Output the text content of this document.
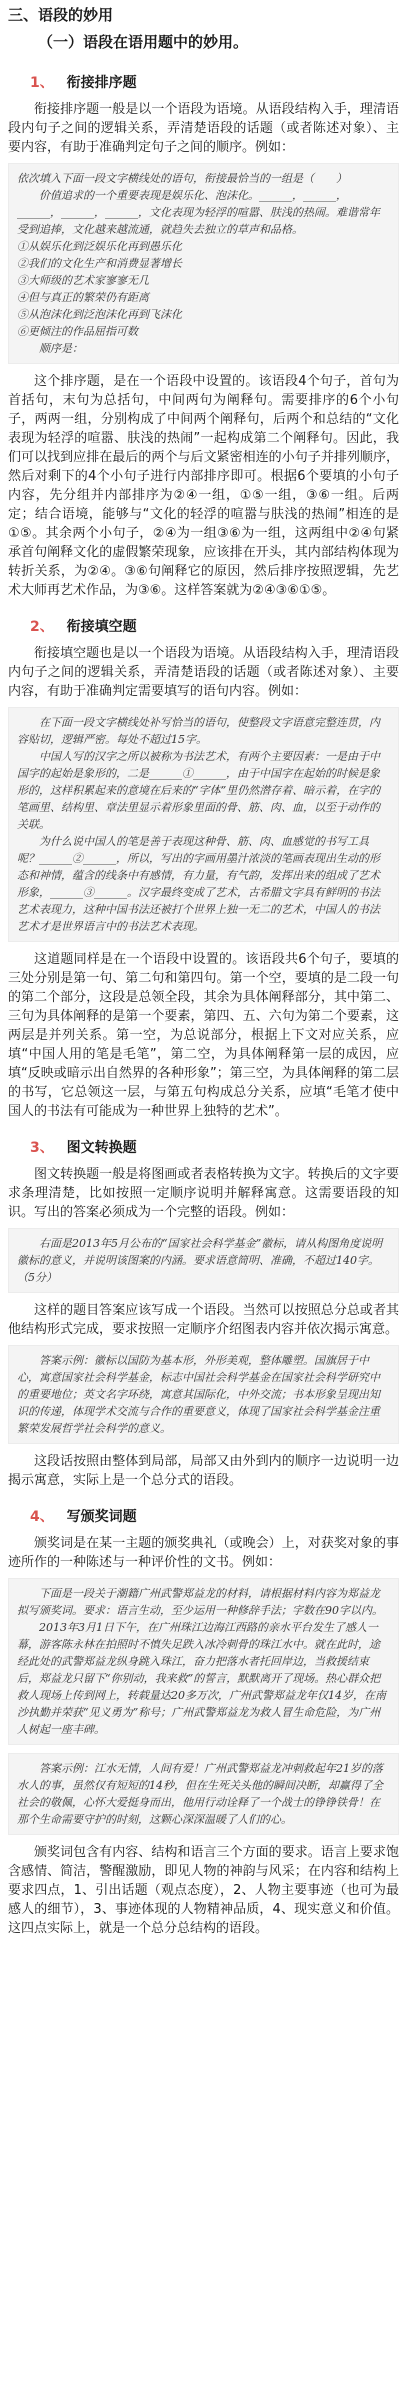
三、语段的妙用
（一）语段在语用题中的妙用。
1、 衔接排序题

衔接排序题一般是以一个语段为语境。从语段结构入手，理清语段内句子之间的逻辑关系，弄清楚语段的话题（或者陈述对象）、主要内容，有助于准确判定句子之间的顺序。例如：

依次填入下面一段文字横线处的语句，衔接最恰当的一组是（　　）
价值追求的一个重要表现是娱乐化、泡沫化。______，______，______，______，______，文化表现为轻浮的喧嚣、肤浅的热闹。难谐常年受到追捧，文化越来越流通，就趋失去独立的草声和品格。
①从娱乐化到泛娱乐化再到愚乐化
②我们的文化生产和消费显著增长
③大师级的艺术家寥寥无几
④但与真正的繁荣仍有距离
⑤从泡沫化到泛泡沫化再到飞沫化
⑥更倾注的作品屈指可数
顺序是：

这个排序题，是在一个语段中设置的。该语段4个句子，首句为首括句，末句为总括句，中间两句为阐释句。需要排序的6个小句子，两两一组，分别构成了中间两个阐释句，后两个和总结的“文化表现为轻浮的喧嚣、肤浅的热闹”一起构成第二个阐释句。因此，我们可以找到应排在最后的两个与后文紧密相连的小句子并排列顺序，然后对剩下的4个小句子进行内部排序即可。根据6个要填的小句子内容，先分组并内部排序为②④一组，①⑤一组，③⑥一组。后两定；结合语境，能够与“文化的轻浮的喧嚣与肤浅的热闹”相连的是①⑤。其余两个小句子，②④为一组③⑥为一组，这两组中②④句紧承首句阐释文化的虚假繁荣现象，应该排在开头，其内部结构体现为转折关系，为②④。③⑥句阐释它的原因，然后排序按照逻辑，先艺术大师再艺术作品，为③⑥。这样答案就为②④③⑥①⑤。

2、 衔接填空题

衔接填空题也是以一个语段为语境。从语段结构入手，理清语段内句子之间的逻辑关系，弄清楚语段的话题（或者陈述对象）、主要内容，有助于准确判定需要填写的语句内容。例如：

在下面一段文字横线处补写恰当的语句，使整段文字语意完整连贯，内容贴切，逻辑严密。每处不超过15字。
中国人写的汉字之所以被称为书法艺术，有两个主要因素：一是由于中国字的起始是象形的，二是______①______，由于中国字在起始的时候是象形的，这样积累起来的意境在后来的“字体”里仍然潜存着、暗示着，在字的笔画里、结构里、章法里显示着形象里面的骨、筋、肉、血，以至于动作的关联。
为什么说中国人的笔是善于表现这种骨、筋、肉、血感觉的书写工具呢？______②______，所以，写出的字画用墨汁浓淡的笔画表现出生动的形态和神情，蕴含的线条中有感情，有力量，有气韵，发挥出来的组成了艺术形象，______③______。汉字最终变成了艺术，古希腊文字具有鲜明的书法艺术表现力，这种中国书法还被打个世界上独一无二的艺术，中国人的书法艺术才是世界语言中的书法艺术表现。

这道题同样是在一个语段中设置的。该语段共6个句子，要填的三处分别是第一句、第二句和第四句。第一个空，要填的是二段一句的第二个部分，这段是总领全段，其余为具体阐释部分，其中第二、三句为具体阐释的是第一个要素，第四、五、六句为第二个要素，这两层是并列关系。第一空，为总说部分，根据上下文对应关系，应填“中国人用的笔是毛笔”，第二空，为具体阐释第一层的成因，应填“反映或暗示出自然界的各种形象”；第三空，为具体阐释的第二层的书写，它总领这一层，与第五句构成总分关系，应填“毛笔才使中国人的书法有可能成为一种世界上独特的艺术”。

3、 图文转换题

图文转换题一般是将图画或者表格转换为文字。转换后的文字要求条理清楚，比如按照一定顺序说明并解释寓意。这需要语段的知识。写出的答案必须成为一个完整的语段。例如：

右面是2013年5月公布的“国家社会科学基金”徽标，请从构图角度说明徽标的意义，并说明该图案的内涵。要求语意简明、准确，不超过140字。（5分）

这样的题目答案应该写成一个语段。当然可以按照总分总或者其他结构形式完成，要求按照一定顺序介绍图表内容并依次揭示寓意。

答案示例：徽标以国防为基本形，外形美观，整体雕塑。国旗居于中心，寓意国家社会科学基金，标志中国社会科学基金在国家社会科学研究中的重要地位；英文名字环绕，寓意其国际化，中外交流；书本形象呈现出知识的传递，体现学术交流与合作的重要意义，体现了国家社会科学基金注重繁荣发展哲学社会科学的意义。

这段话按照由整体到局部，局部又由外到内的顺序一边说明一边揭示寓意，实际上是一个总分式的语段。

4、 写颁奖词题

颁奖词是在某一主题的颁奖典礼（或晚会）上，对获奖对象的事迹所作的一种陈述与一种评价性的文书。例如：

下面是一段关于潮籍广州武警郑益龙的材料，请根据材料内容为郑益龙拟写颁奖词。要求：语言生动，至少运用一种修辞手法；字数在90字以内。
2013年3月1日下午，在广州珠江边海江西路的亲水平台发生了感人一幕，游客陈永林在拍照时不慎失足跌入冰冷刺骨的珠江水中。就在此时，途经此处的武警郑益龙纵身跳入珠江，奋力把落水者托回岸边，当救援结束后，郑益龙只留下“你别动，我来救”的誓言，默默离开了现场。热心群众把救人现场上传到网上，转载量达20多万次，广州武警郑益龙年仅14岁，在南沙执勤并荣获“见义勇为”称号；广州武警郑益龙为救人冒生命危险，为广州人树起一座丰碑。
答案示例：江水无情，人间有爱！广州武警郑益龙冲刺救起年21岁的落水人的事，虽然仅有短短的14秒，但在生死关头他的瞬间决断，却赢得了全社会的敬佩，心怀大爱挺身而出，他用行动诠释了一个战士的铮铮铁骨！在那个生命需要守护的时刻，这颗心深深温暖了人们的心。

颁奖词包含有内容、结构和语言三个方面的要求。语言上要求饱含感情、简洁，警醒激励，即见人物的神韵与风采；在内容和结构上要求四点，1、引出话题（观点态度），2、人物主要事迹（也可为最感人的细节），3、事迹体现的人物精神品质，4、现实意义和价值。这四点实际上，就是一个总分总结构的语段。
